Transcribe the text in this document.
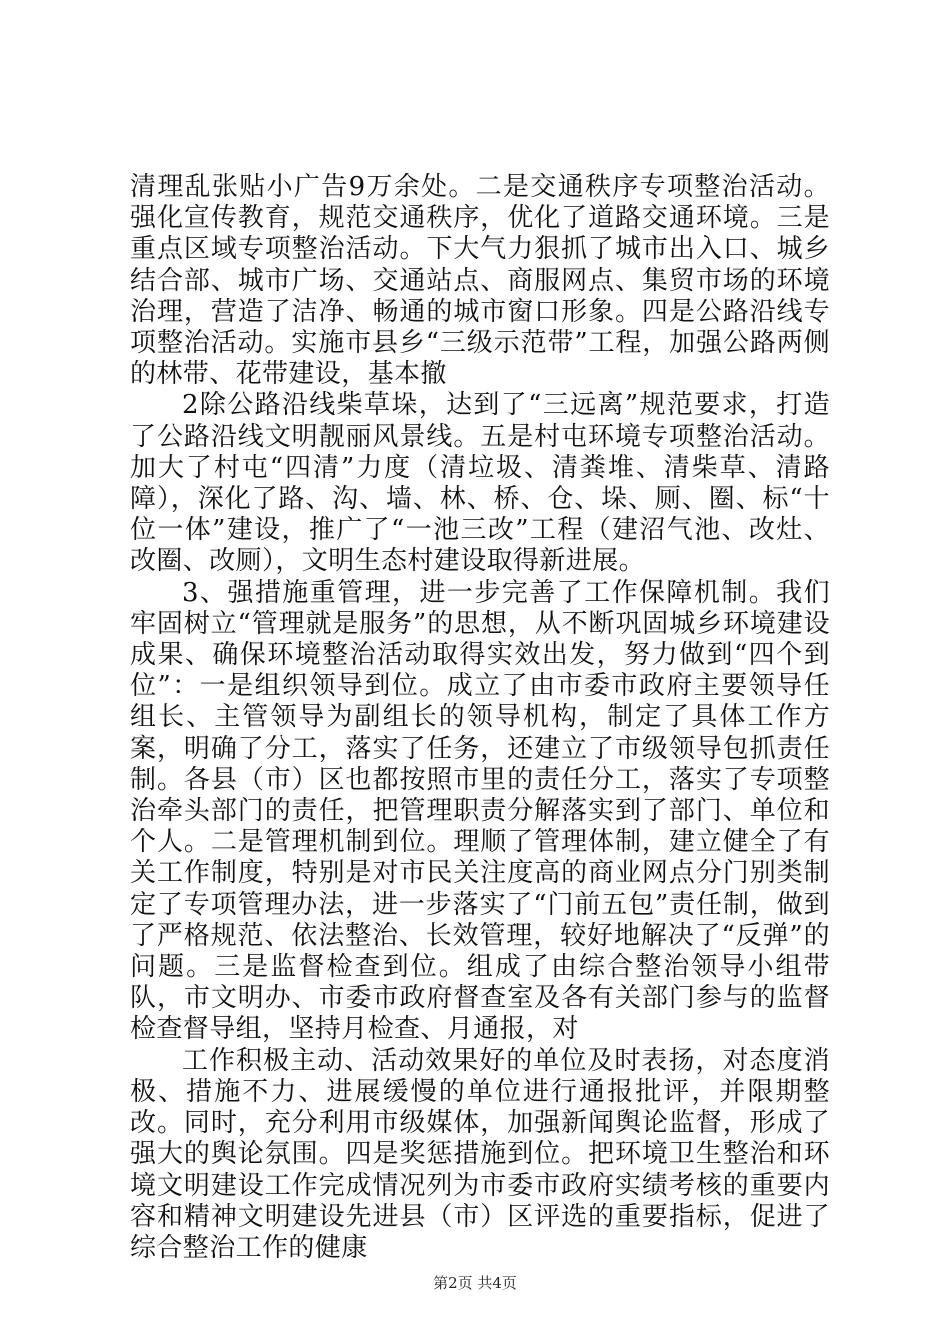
清理乱张贴小广告9万余处。二是交通秩序专项整治活动。强化宣传教育，规范交通秩序，优化了道路交通环境。三是重点区域专项整治活动。下大气力狠抓了城市出入口、城乡结合部、城市广场、交通站点、商服网点、集贸市场的环境治理，营造了洁净、畅通的城市窗口形象。四是公路沿线专项整治活动。实施市县乡“三级示范带”工程，加强公路两侧的林带、花带建设，基本撤

2除公路沿线柴草垛，达到了“三远离”规范要求，打造了公路沿线文明靓丽风景线。五是村屯环境专项整治活动。加大了村屯“四清”力度（清垃圾、清粪堆、清柴草、清路障），深化了路、沟、墙、林、桥、仓、垛、厕、圈、标“十位一体”建设，推广了“一池三改”工程（建沼气池、改灶、改圈、改厕），文明生态村建设取得新进展。

3、强措施重管理，进一步完善了工作保障机制。我们牢固树立“管理就是服务”的思想，从不断巩固城乡环境建设成果、确保环境整治活动取得实效出发，努力做到“四个到位”：一是组织领导到位。成立了由市委市政府主要领导任组长、主管领导为副组长的领导机构，制定了具体工作方案，明确了分工，落实了任务，还建立了市级领导包抓责任制。各县（市）区也都按照市里的责任分工，落实了专项整治牵头部门的责任，把管理职责分解落实到了部门、单位和个人。二是管理机制到位。理顺了管理体制，建立健全了有关工作制度，特别是对市民关注度高的商业网点分门别类制定了专项管理办法，进一步落实了“门前五包”责任制，做到了严格规范、依法整治、长效管理，较好地解决了“反弹”的问题。三是监督检查到位。组成了由综合整治领导小组带队，市文明办、市委市政府督查室及各有关部门参与的监督检查督导组，坚持月检查、月通报，对

工作积极主动、活动效果好的单位及时表扬，对态度消极、措施不力、进展缓慢的单位进行通报批评，并限期整改。同时，充分利用市级媒体，加强新闻舆论监督，形成了强大的舆论氛围。四是奖惩措施到位。把环境卫生整治和环境文明建设工作完成情况列为市委市政府实绩考核的重要内容和精神文明建设先进县（市）区评选的重要指标，促进了综合整治工作的健康

第2页 共4页
